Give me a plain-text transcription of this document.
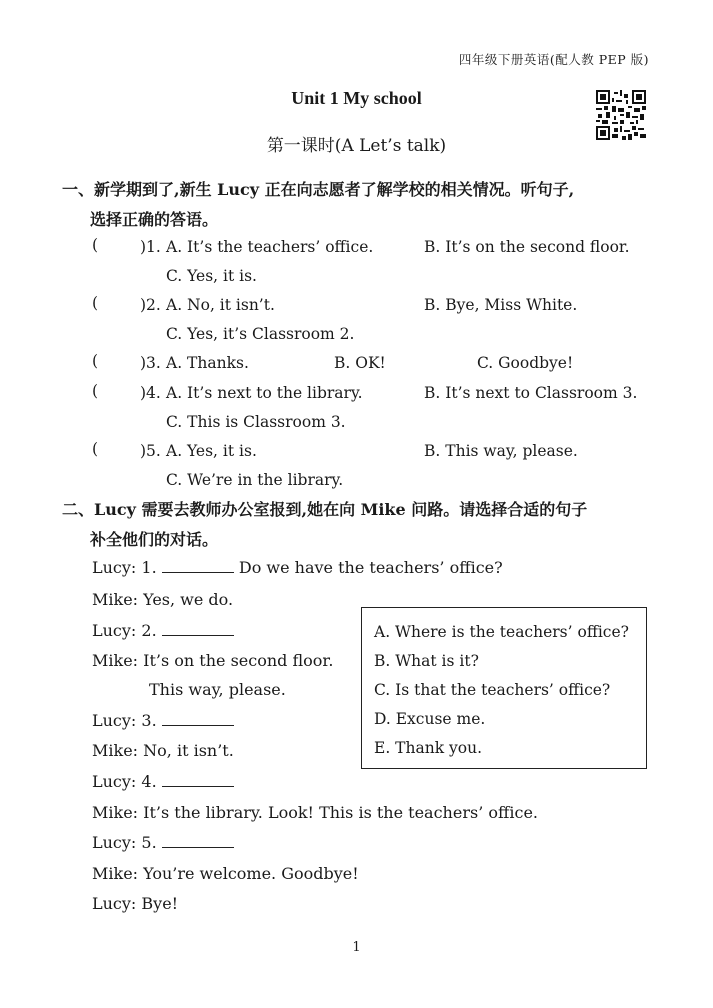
四年级下册英语(配人教 PEP 版)
Unit 1 My school
第一课时(A Let’s talk)
一、新学期到了,新生 Lucy 正在向志愿者了解学校的相关情况。听句子,
选择正确的答语。
(	)1. A. It’s the teachers’ office.	B. It’s on the second floor.
C. Yes, it is.
(	)2. A. No, it isn’t.	B. Bye, Miss White.
C. Yes, it’s Classroom 2.
(	)3. A. Thanks.	B. OK!	C. Goodbye!
(	)4. A. It’s next to the library.	B. It’s next to Classroom 3.
C. This is Classroom 3.
(	)5. A. Yes, it is.	B. This way, please.
C. We’re in the library.
二、Lucy 需要去教师办公室报到,她在向 Mike 问路。请选择合适的句子
补全他们的对话。
Lucy: 1.	Do we have the teachers’ office?
Mike: Yes, we do.
Lucy: 2.
Mike: It’s on the second floor.
This way, please.
Lucy: 3.
Mike: No, it isn’t.
Lucy: 4.
Mike: It’s the library. Look! This is the teachers’ office.
Lucy: 5.
Mike: You’re welcome. Goodbye!
Lucy: Bye!
A. Where is the teachers’ office?
B. What is it?
C. Is that the teachers’ office?
D. Excuse me.
E. Thank you.
1
